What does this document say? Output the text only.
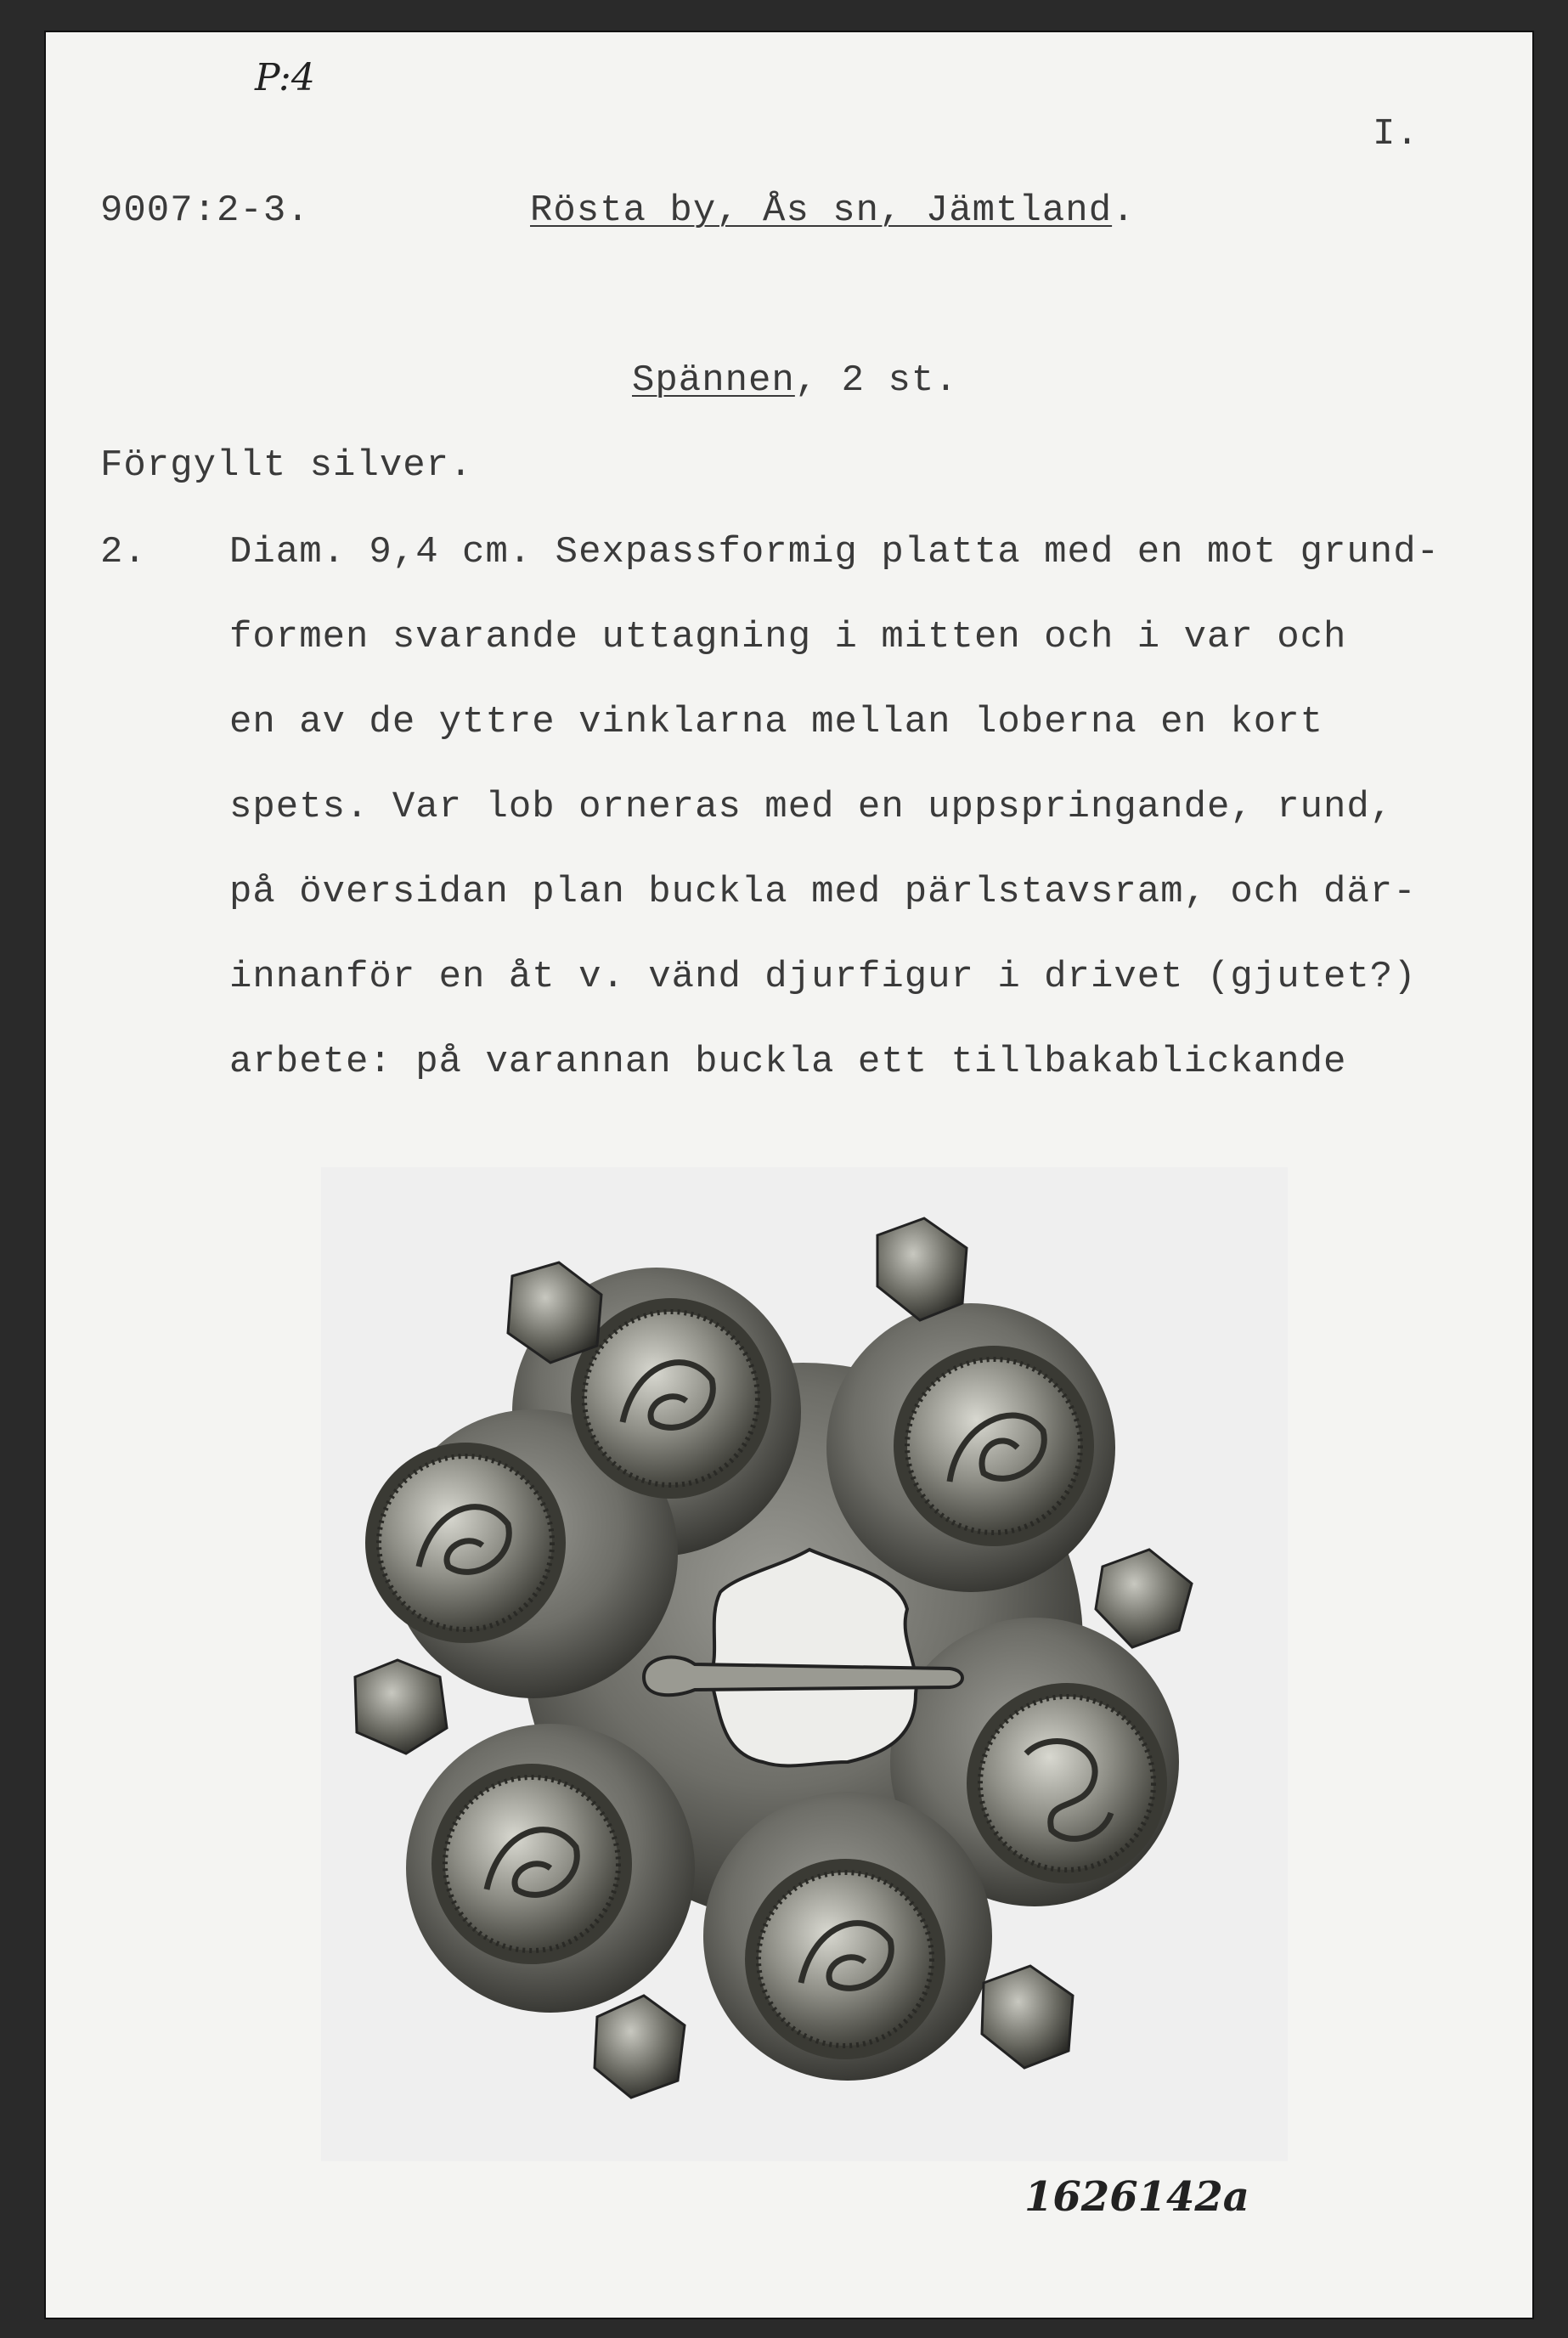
P:4
I.
9007:2-3.	Rösta by, Ås sn, Jämtland.
Spännen, 2 st.
Förgyllt silver.
2. Diam. 9,4 cm. Sexpassformig platta med en mot grund-
formen svarande uttagning i mitten och i var och
en av de yttre vinklarna mellan loberna en kort
spets. Var lob orneras med en uppspringande, rund,
på översidan plan buckla med pärlstavsram, och där-
innanför en åt v. vänd djurfigur i drivet (gjutet?)
arbete: på varannan buckla ett tillbakablickande
1626142a
